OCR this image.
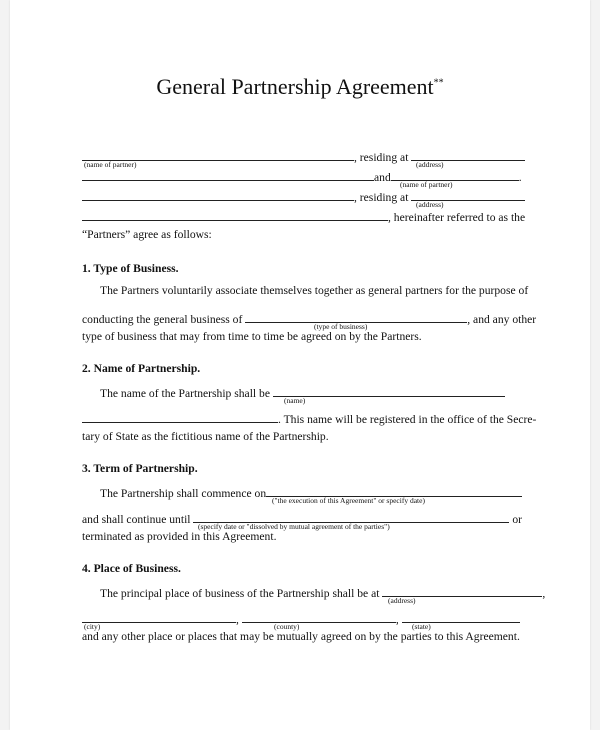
General Partnership Agreement**
, residing at
(name of partner)	(address)
and	.
(name of partner)
, residing at
(address)
, hereinafter referred to as the
“Partners” agree as follows:
1. Type of Business.
The Partners voluntarily associate themselves together as general partners for the purpose of
conducting the general business of	, and any other
(type of business)
type of business that may from time to time be agreed on by the Partners.
2. Name of Partnership.
The name of the Partnership shall be
(name)
. This name will be registered in the office of the Secre-
tary of State as the fictitious name of the Partnership.
3. Term of Partnership.
The Partnership shall commence on
("the execution of this Agreement" or specify date)
and shall continue until	or
(specify date or "dissolved by mutual agreement of the parties")
terminated as provided in this Agreement.
4. Place of Business.
The principal place of business of the Partnership shall be at	,
(address)
,	,
(city)	(county)	(state)
and any other place or places that may be mutually agreed on by the parties to this Agreement.
